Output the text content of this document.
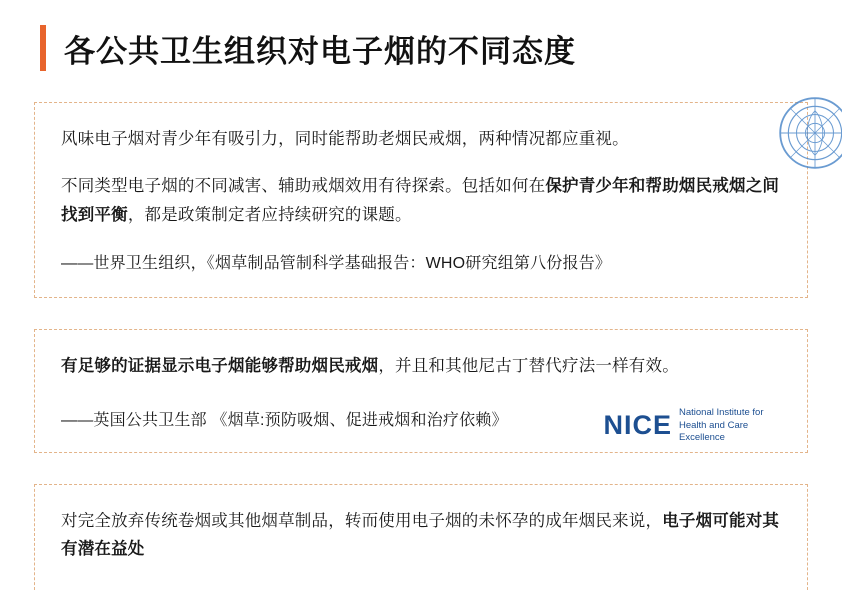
各公共卫生组织对电子烟的不同态度

风味电子烟对青少年有吸引力，同时能帮助老烟民戒烟，两种情况都应重视。

不同类型电子烟的不同减害、辅助戒烟效用有待探索。包括如何在保护青少年和帮助烟民戒烟之间找到平衡，都是政策制定者应持续研究的课题。

——世界卫生组织，《烟草制品管制科学基础报告：WHO研究组第八份报告》

有足够的证据显示电子烟能够帮助烟民戒烟，并且和其他尼古丁替代疗法一样有效。

——英国公共卫生部 《烟草:预防吸烟、促进戒烟和治疗依赖》	NICE National Institute for Health and Care Excellence

对完全放弃传统卷烟或其他烟草制品，转而使用电子烟的未怀孕的成年烟民来说，电子烟可能对其有潜在益处
